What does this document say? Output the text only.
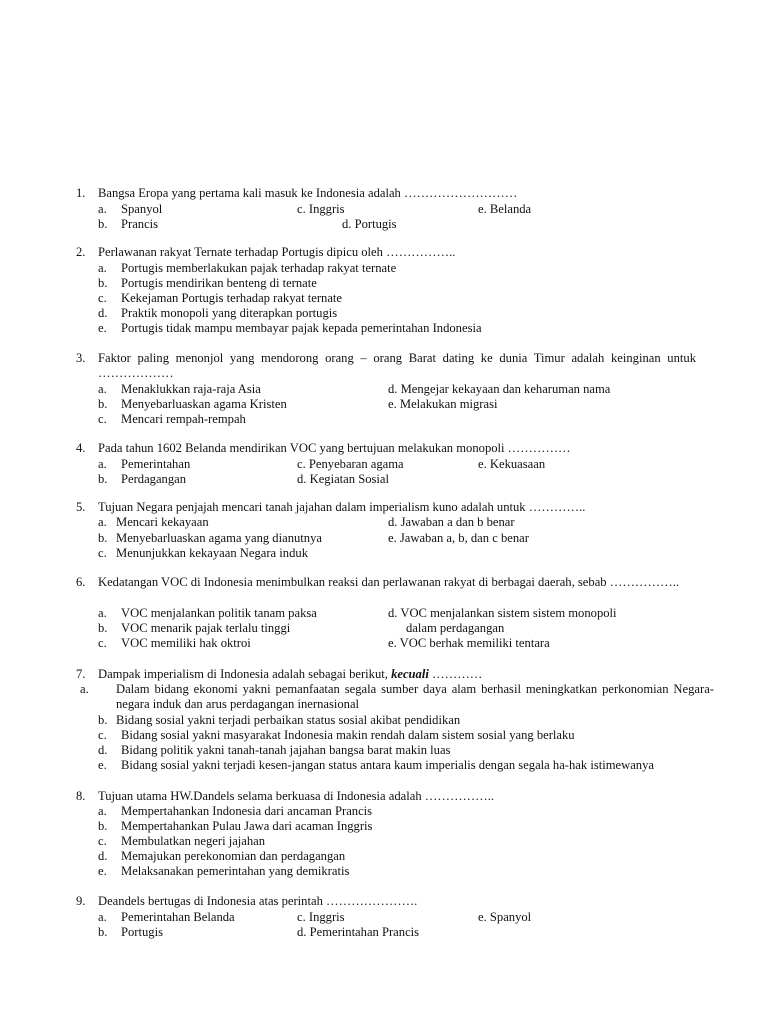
1. Bangsa Eropa yang pertama kali masuk ke Indonesia adalah ………………………
a. Spanyol	c. Inggris	e. Belanda
b. Prancis	d. Portugis
2. Perlawanan rakyat Ternate terhadap Portugis dipicu oleh ……………..
a. Portugis memberlakukan pajak terhadap rakyat ternate
b. Portugis mendirikan benteng di ternate
c. Kekejaman Portugis terhadap rakyat ternate
d. Praktik monopoli yang diterapkan portugis
e. Portugis tidak mampu membayar pajak kepada pemerintahan Indonesia
3. Faktor paling menonjol yang mendorong orang – orang Barat dating ke dunia Timur adalah keinginan untuk ………………
a. Menaklukkan raja-raja Asia	d. Mengejar kekayaan dan keharuman nama
b. Menyebarluaskan agama Kristen	e. Melakukan migrasi
c. Mencari rempah-rempah
4. Pada tahun 1602 Belanda mendirikan VOC yang bertujuan melakukan monopoli ……………
a. Pemerintahan	c. Penyebaran agama	e. Kekuasaan
b. Perdagangan	d. Kegiatan Sosial
5. Tujuan Negara penjajah mencari tanah jajahan dalam imperialism kuno adalah untuk …………..
a. Mencari kekayaan	d. Jawaban a dan b benar
b. Menyebarluaskan agama yang dianutnya	e. Jawaban a, b, dan c benar
c. Menunjukkan kekayaan Negara induk
6. Kedatangan VOC di Indonesia menimbulkan reaksi dan perlawanan rakyat di berbagai daerah, sebab ……………..
a. VOC menjalankan politik tanam paksa	d. VOC menjalankan sistem sistem monopoli
b. VOC menarik pajak terlalu tinggi	dalam perdagangan
c. VOC memiliki hak oktroi	e. VOC berhak memiliki tentara
7. Dampak imperialism di Indonesia adalah sebagai berikut, kecuali …………
a. Dalam bidang ekonomi yakni pemanfaatan segala sumber daya alam berhasil meningkatkan perkonomian Negara-negara induk dan arus perdagangan inernasional
b. Bidang sosial yakni terjadi perbaikan status sosial akibat pendidikan
c. Bidang sosial yakni masyarakat Indonesia makin rendah dalam sistem sosial yang berlaku
d. Bidang politik yakni tanah-tanah jajahan bangsa barat makin luas
e. Bidang sosial yakni terjadi kesen-jangan status antara kaum imperialis dengan segala ha-hak istimewanya
8. Tujuan utama HW.Dandels selama berkuasa di Indonesia adalah ……………..
a. Mempertahankan Indonesia dari ancaman Prancis
b. Mempertahankan Pulau Jawa dari acaman Inggris
c. Membulatkan negeri jajahan
d. Memajukan perekonomian dan perdagangan
e. Melaksanakan pemerintahan yang demikratis
9. Deandels bertugas di Indonesia atas perintah ………………….
a. Pemerintahan Belanda	c. Inggris	e. Spanyol
b. Portugis	d. Pemerintahan Prancis
